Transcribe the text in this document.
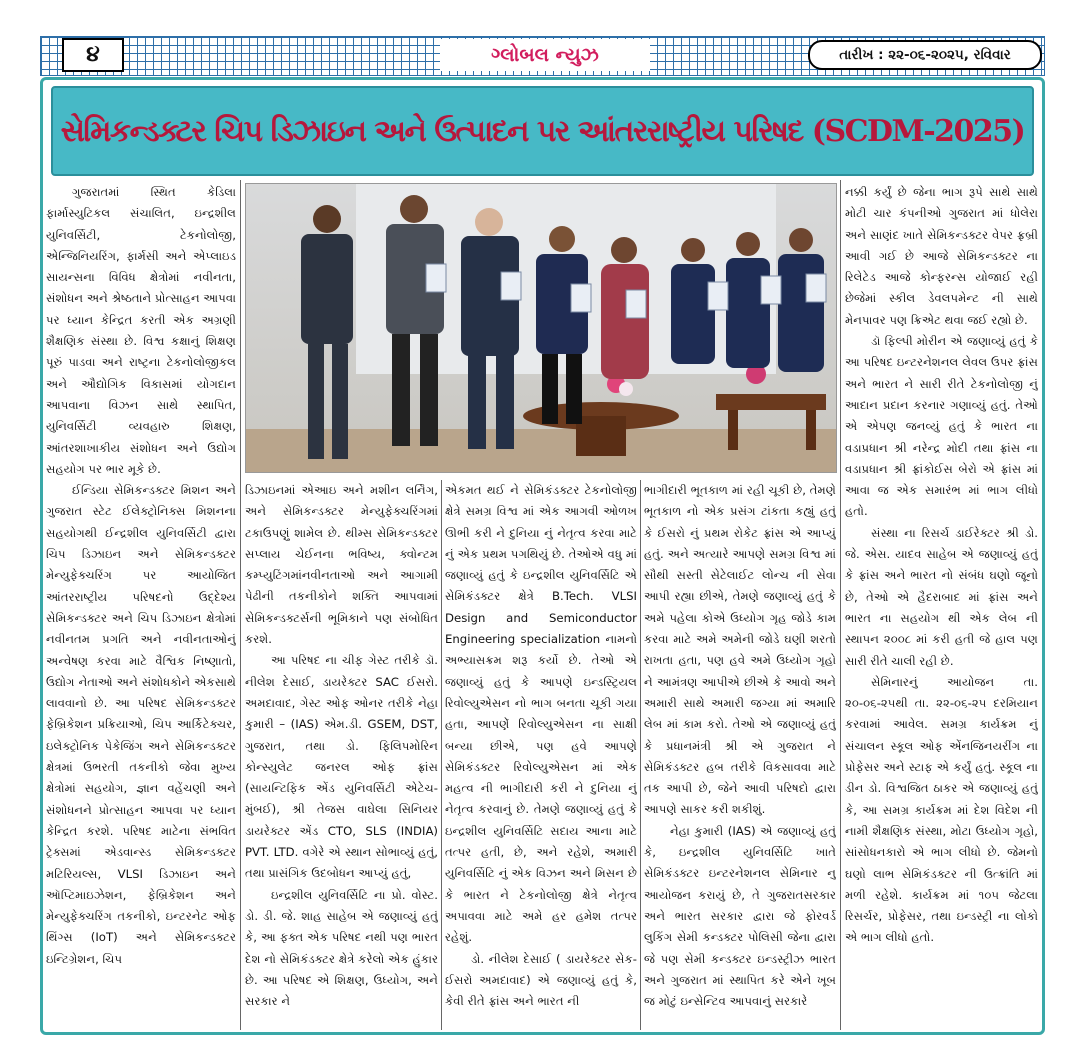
૪	ગ્લોબલ ન્યુઝ	તારીખ : ૨૨-૦૬-૨૦૨૫, રવિવાર
સેમિકન્ડક્ટર ચિપ ડિઝાઇન અને ઉત્પાદન પર આંતરરાષ્ટ્રીય પરિષદ (SCDM-2025)

ગુજરાતમાં સ્થિત કેડિલા ફાર્માસ્યુટિકલ સંચાલિત, ઇન્દ્રશીલ યુનિવર્સિટી, ટેકનોલોજી, એન્જિનિયરિંગ, ફાર્મસી અને એપ્લાઇડ સાયન્સના વિવિધ ક્ષેત્રોમાં નવીનતા, સંશોધન અને શ્રેષ્ઠતાને પ્રોત્સાહન આપવા પર ધ્યાન કેન્દ્રિત કરતી એક અગ્રણી શૈક્ષણિક સંસ્થા છે. વિશ્વ કક્ષાનું શિક્ષણ પૂરું પાડવા અને રાષ્ટ્રના ટેકનોલોજીકલ અને ઔદ્યોગિક વિકાસમાં યોગદાન આપવાના વિઝન સાથે સ્થાપિત, યુનિવર્સિટી વ્યવહારુ શિક્ષણ, આંતરશાખાકીય સંશોધન અને ઉદ્યોગ સહયોગ પર ભાર મૂકે છે.

ઈન્ડિયા સેમિકન્ડક્ટર મિશન અને ગુજરાત સ્ટેટ ઈલેક્ટ્રોનિક્સ મિશનના સહયોગથી ઈન્દ્રશીલ યુનિવર્સિટી દ્વારા ચિપ ડિઝાઇન અને સેમિકન્ડક્ટર મેન્યુફેક્ચરિંગ પર આયોજિત આંતરરાષ્ટ્રીય પરિષદનો ઉદ્દેશ્ય સેમિકન્ડક્ટર અને ચિપ ડિઝાઇન ક્ષેત્રોમાં નવીનતમ પ્રગતિ અને નવીનતાઓનું અન્વેષણ કરવા માટે વૈશ્વિક નિષ્ણાતો, ઉદ્યોગ નેતાઓ અને સંશોધકોને એકસાથે લાવવાનો છે. આ પરિષદ સેમિકન્ડક્ટર ફેબ્રિકેશન પ્રક્રિયાઓ, ચિપ આર્કિટેક્ચર, ઇલેક્ટ્રોનિક પેકેજિંગ અને સેમિકન્ડક્ટર ક્ષેત્રમાં ઉભરતી તકનીકો જેવા મુખ્ય ક્ષેત્રોમાં સહયોગ, જ્ઞાન વહેંચણી અને સંશોધનને પ્રોત્સાહન આપવા પર ધ્યાન કેન્દ્રિત કરશે. પરિષદ માટેના સંભવિત ટ્રેક્સમાં એડવાન્સ્ડ સેમિકન્ડક્ટર મટિરિયલ્સ, VLSI ડિઝાઇન અને ઑપ્ટિમાઇઝેશન, ફેબ્રિકેશન અને મેન્યુફેક્ચરિંગ તકનીકો, ઇન્ટરનેટ ઓફ થિંગ્સ (IoT) અને સેમિકન્ડક્ટર ઇન્ટિગ્રેશન, ચિપ

ડિઝાઇનમાં એઆઇ અને મશીન લર્નિંગ, અને સેમિકન્ડક્ટર મેન્યુફેક્ચરિંગમાં ટકાઉપણું શામેલ છે. થીમ્સ સેમિકન્ડક્ટર સપ્લાય ચેઈનના ભવિષ્ય, ક્વોન્ટમ કમ્પ્યુટિંગમાંનવીનતાઓ અને આગામી પેઢીની તકનીકોને શક્તિ આપવામાં સેમિકન્ડક્ટર્સની ભૂમિકાને પણ સંબોધિત કરશે.

આ પરિષદ ના ચીફ ગેસ્ટ તરીકે ડૉ. નીલેશ દેસાઈ, ડાયરેક્ટર SAC ઈસરો. અમદાવાદ, ગેસ્ટ ઓફ ઓનર તરીકે નેહા કુમારી – (IAS) એમ.ડી. GSEM, DST, ગુજરાત, તથા ડો. ફિલિપમોરિન કોન્સ્યુલેટ જનરલ ઓફ ફ્રાંસ (સાયન્ટિફિક એંડ યુનિવર્સિટી એટેચ-મુંબઈ), શ્રી તેજસ વાઘેલા સિનિયર ડાયરેક્ટર એંડ CTO, SLS (INDIA) PVT. LTD. વગેરે એ સ્થાન સોભાવ્યું હતું, તથા પ્રાસંગિક ઉદબોધન આપ્યું હતું,

ઇન્દ્રશીલ યુનિવર્સિટિ ના પ્રો. વોસ્ટ. ડો. ડી. જે. શાહ સાહેબ એ જણાવ્યું હતું કે, આ ફક્ત એક પરિષદ નથી પણ ભારત દેશ નો સેમિકંડક્ટર ક્ષેત્રે કરેલો એક હુંકાર છે. આ પરિષદ એ શિક્ષણ, ઉધ્યોગ, અને સરકાર ને

એકમત થઈ ને સેમિકંડક્ટર ટેકનોલોજી ક્ષેત્રે સમગ્ર વિશ્વ માં એક આગવી ઓળખ ઊભી કરી ને દુનિયા નું નેતૃત્વ કરવા માટે નું એક પ્રથમ પગથિયું છે. તેઓએ વધુ માં જણાવ્યું હતું કે ઇન્દ્રશીલ યુનિવર્સિટિ એ સેમિકંડક્ટર ક્ષેત્રે B.Tech. VLSI Design and Semiconductor Engineering specialization નામનો અભ્યાસક્રમ શરૂ કર્યો છે. તેઓ એ જણાવ્યું હતું કે આપણે ઇન્ડસ્ટ્રિયલ રિવોલ્યુએસન નો ભાગ બનતા ચૂકી ગયા હતા, આપણેૅ રિવોલ્યુએસન ના સાક્ષી બન્યા છીએ, પણ હવે આપણે સેમિકંડક્ટર રિવોલ્યુએસન માં એક મહત્વ ની ભાગીદારી કરી ને દુનિયા નું નેતૃત્વ કરવાનું છે. તેમણે જણાવ્યું હતું કે ઇન્દ્રશીલ યુનિવર્સિટિ સદાય આના માટે તત્પર હતી, છે, અને રહેશે, અમારી યુનિવર્સિટિ નું એક વિઝન અને મિસન છે કે ભારત ને ટેકનોલોજી ક્ષેત્રે નેતૃત્વ અપાવવા માટે અમે હર હમેશ તત્પર રહેશું.

ડો. નીલેશ દેસાઈ ( ડાયરેક્ટર સેક-ઈસરો અમદાવાદ) એ જણાવ્યું હતું કે, કેવી રીતે ફ્રાંસ અને ભારત ની

ભાગીદારી ભૂતકાળ માં રહી ચૂકી છે, તેમણે ભૂતકાળ નો એક પ્રસંગ ટાંકતા કહ્યું હતું કે ઈસરો નું પ્રથમ રોકેટ ફ્રાંસ એ આપ્યું હતું. અને અત્યારે આપણે સમગ્ર વિશ્વ માં સૌથી સસ્તી સેટેલાઈટ લોન્ચ ની સેવા આપી રહ્યા છીએ, તેમણે જણાવ્યું હતું કે અમે પહેલા કોએ ઉધ્યોગ ગૃહ જોડે કામ કરવા માટે અમે અમેની જોડે ઘણી શરતો રાખતા હતા, પણ હવે અમે ઉધ્યોગ ગૃહો ને આમંત્રણ આપીએ છીએ કે આવો અને અમારી સાથે અમારી જગ્યા માં અમારિ લેબ માં કામ કરો. તેઓ એ જણાવ્યું હતું કે પ્રધાનમંત્રી શ્રી એ ગુજરાત ને સેમિકંડક્ટર હબ તરીકે વિકસાવવા માટે તક આપી છે, જેને આવી પરિષદો દ્વારા આપણે સાકર કરી શકીશું.

નેહા કુમારી (IAS) એ જણાવ્યું હતું કે, ઇન્દ્રશીલ યુનિવર્સિટિ ખાતે સેમિકંડક્ટર ઇન્ટરનેશનલ સેમિનાર નુ આયોજન કરાયું છે, તે ગુજરાતસરકાર અને ભારત સરકાર દ્વારા જે ફોરવર્ડ લુકિંગ સેમી કન્ડક્ટર પોલિસી જેના દ્વારા જે પણ સેમી કન્ડક્ટર ઇન્ડસ્ટ્રીઝ ભારત અને ગુજરાત માં સ્થાપિત કરે એને ખૂબ જ મોટું ઇન્સેન્ટિવ આપવાનું સરકારે

નક્કી કર્યું છે જેના ભાગ રૂપે સાથે સાથે મોટી ચાર કંપનીઓ ગુજરાત માં ધોલેરા અને સાણંદ ખાતે સેમિકન્ડક્ટર વેપર ફ્રબ્રી આવી ગઈ છે આજે સેમિકન્ડક્ટર ના રિલેટેડ આજે કોન્ફરન્સ યોજાઈ રહી છેજેમાં સ્કીલ ડેવલપમેન્ટ ની સાથે મેનપાવર પણ ક્રિએટ થવા જઈ રહ્યો છે.

ડૉ ફિલ્પી મોરીન એ જણાવ્યું હતું કે આ પરિષદ ઇન્ટરનેશનલ લેવલ ઉપર ફ્રાંસ અને ભારત ને સારી રીતે ટેકનોલોજી નું આદાન પ્રદાન કરનાર ગણાવ્યું હતું. તેઓ એ એપણ જનવ્યું હતું કે ભારત ના વડાપ્રધાન શ્રી નરેન્દ્ર મોદી તથા ફ્રાંસ ના વડાપ્રધાન શ્રી ફ્રાંકોઈસ બેરો એ ફ્રાંસ માં આવા જ એક સમારંભ માં ભાગ લીધો હતો.

સંસ્થા ના રિસર્ચ ડાઈરેક્ટર શ્રી ડો. જે. એસ. યાદવ સાહેબ એ જણાવ્યું હતું કે ફ્રાંસ અને ભારત નો સંબંધ ઘણો જૂનો છે, તેઓ એ હૈદરાબાદ માં ફ્રાંસ અને ભારત ના સહયોગ થી એક લેબ ની સ્થાપન ૨૦૦૮ માં કરી હતી જે હાલ પણ સારી રીતે ચાલી રહી છે.

સેમિનારનું આયોજન તા. ૨૦-૦૬-૨૫થી તા. ૨૨-૦૬-૨૫ દરમિયાન કરવામાં આવેલ. સમગ્ર કાર્યક્રમ નું સંચાલન સ્કૂલ ઓફ એંનજિનયરીંગ ના પ્રોફેસર અને સ્ટાફ એ કર્યું હતું. સ્કૂલ ના ડીન ડો. વિશ્વજિત ઠાકર એ જણાવ્યું હતું કે, આ સમગ્ર કાર્યક્રમ માં દેશ વિદેશ ની નામી શૈક્ષણિક સંસ્થા, મોટા ઉધ્યોગ ગૃહો, સાંસોધનકારો એ ભાગ લીધો છે. જેમનો ઘણો લાભ સેમિકંડક્ટર ની ઉત્ક્રાંતિ માં મળી રહેશે. કાર્યક્રમ માં ૧૦૫ જેટલા રિસર્ચર, પ્રોફેસર, તથા ઇન્ડસ્ટ્રી ના લોકો એ ભાગ લીધો હતો.
